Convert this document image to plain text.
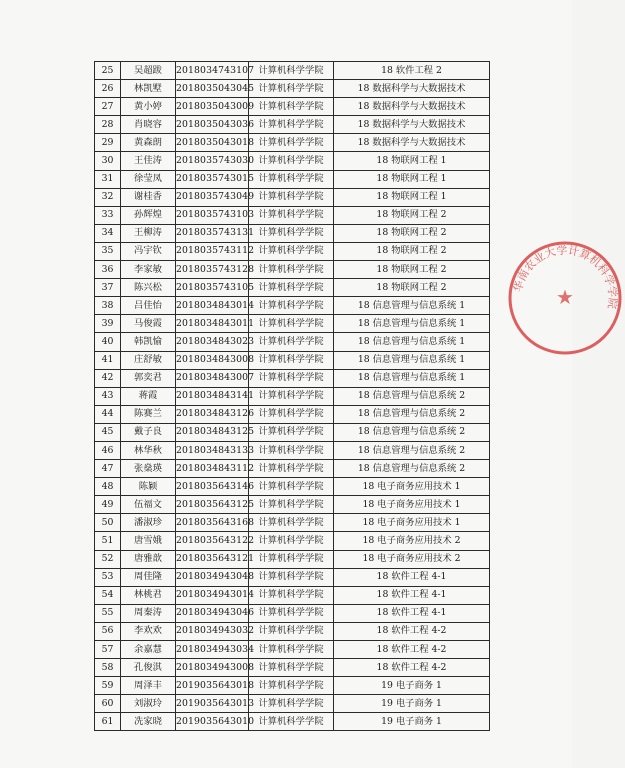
25	吴超跋	2018034743107	计算机科学学院	18 软件工程 2
26	林凯墅	2018035043045	计算机科学学院	18 数据科学与大数据技术
27	黄小婷	2018035043009	计算机科学学院	18 数据科学与大数据技术
28	肖晓容	2018035043036	计算机科学学院	18 数据科学与大数据技术
29	黄森朗	2018035043018	计算机科学学院	18 数据科学与大数据技术
30	王佳涛	2018035743030	计算机科学学院	18 物联网工程 1
31	徐莹凤	2018035743015	计算机科学学院	18 物联网工程 1
32	谢桂香	2018035743049	计算机科学学院	18 物联网工程 1
33	孙辉煌	2018035743103	计算机科学学院	18 物联网工程 2
34	王柳涛	2018035743131	计算机科学学院	18 物联网工程 2
35	冯宇钦	2018035743112	计算机科学学院	18 物联网工程 2
36	李家敏	2018035743128	计算机科学学院	18 物联网工程 2
37	陈兴松	2018035743105	计算机科学学院	18 物联网工程 2
38	吕佳怡	2018034843014	计算机科学学院	18 信息管理与信息系统 1
39	马俊霞	2018034843011	计算机科学学院	18 信息管理与信息系统 1
40	韩凯愉	2018034843023	计算机科学学院	18 信息管理与信息系统 1
41	庄舒敏	2018034843008	计算机科学学院	18 信息管理与信息系统 1
42	郭奕君	2018034843007	计算机科学学院	18 信息管理与信息系统 1
43	蒋霞	2018034843141	计算机科学学院	18 信息管理与信息系统 2
44	陈赛兰	2018034843126	计算机科学学院	18 信息管理与信息系统 2
45	戴子良	2018034843125	计算机科学学院	18 信息管理与信息系统 2
46	林华秋	2018034843133	计算机科学学院	18 信息管理与信息系统 2
47	张燊瑛	2018034843112	计算机科学学院	18 信息管理与信息系统 2
48	陈颖	2018035643146	计算机科学学院	18 电子商务应用技术 1
49	伍福文	2018035643125	计算机科学学院	18 电子商务应用技术 1
50	潘淑珍	2018035643168	计算机科学学院	18 电子商务应用技术 1
51	唐雪娥	2018035643122	计算机科学学院	18 电子商务应用技术 2
52	唐雅歆	2018035643121	计算机科学学院	18 电子商务应用技术 2
53	周佳隆	2018034943048	计算机科学学院	18 软件工程 4-1
54	林桃君	2018034943014	计算机科学学院	18 软件工程 4-1
55	周秦涛	2018034943046	计算机科学学院	18 软件工程 4-1
56	李欢欢	2018034943032	计算机科学学院	18 软件工程 4-2
57	余嘉慧	2018034943034	计算机科学学院	18 软件工程 4-2
58	孔俊淇	2018034943008	计算机科学学院	18 软件工程 4-2
59	周泽丰	2019035643018	计算机科学学院	19 电子商务 1
60	刘淑玲	2019035643013	计算机科学学院	19 电子商务 1
61	冼家晓	2019035643010	计算机科学学院	19 电子商务 1
华南农业大学计算机科学学院
★
